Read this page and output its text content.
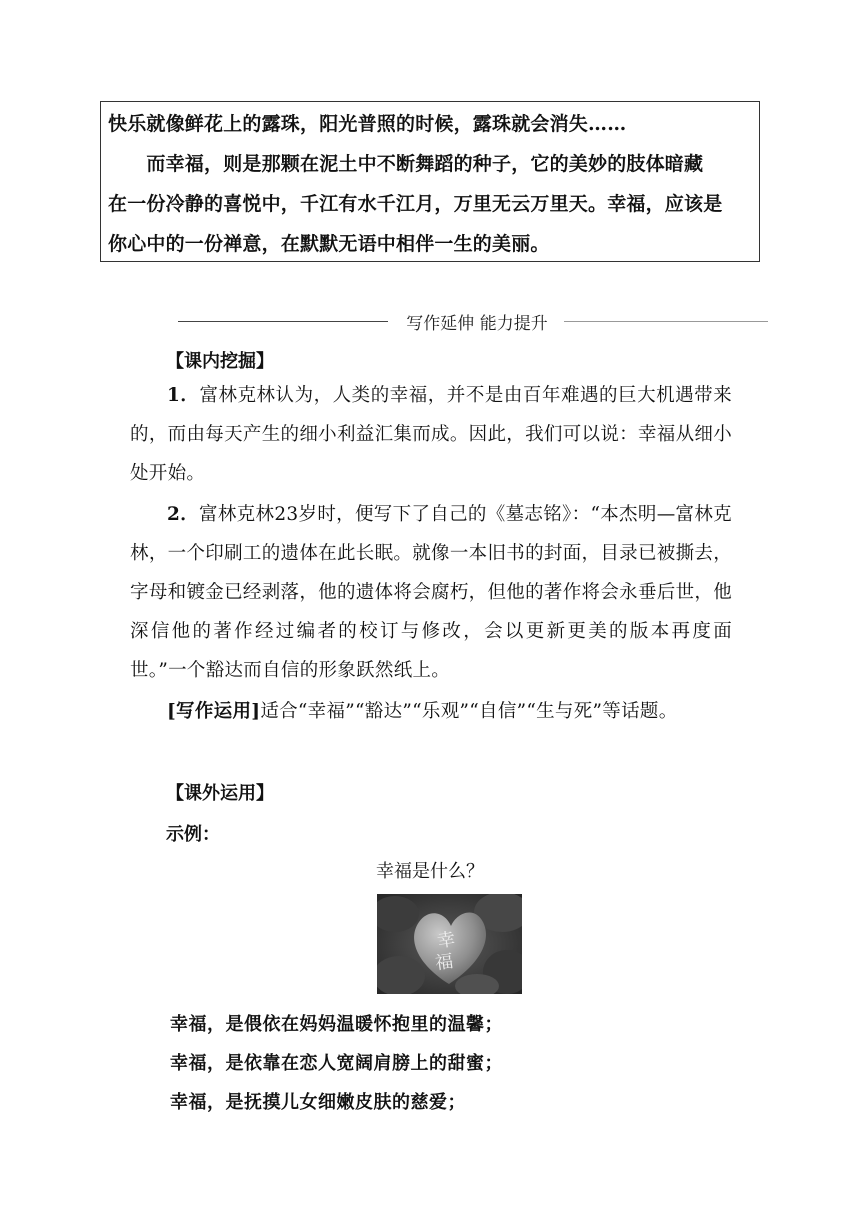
快乐就像鲜花上的露珠，阳光普照的时候，露珠就会消失……
　　而幸福，则是那颗在泥土中不断舞蹈的种子，它的美妙的肢体暗藏
在一份冷静的喜悦中，千江有水千江月，万里无云万里天。幸福，应该是
你心中的一份禅意，在默默无语中相伴一生的美丽。
写作延伸 能力提升
【课内挖掘】
1．富林克林认为，人类的幸福，并不是由百年难遇的巨大机遇带来的，而由每天产生的细小利益汇集而成。因此，我们可以说：幸福从细小处开始。
2．富林克林23岁时，便写下了自己的《墓志铭》：“本杰明—富林克林，一个印刷工的遗体在此长眠。就像一本旧书的封面，目录已被撕去，字母和镀金已经剥落，他的遗体将会腐朽，但他的著作将会永垂后世，他深信他的著作经过编者的校订与修改，会以更新更美的版本再度面世。”一个豁达而自信的形象跃然纸上。
[写作运用]适合“幸福”“豁达”“乐观”“自信”“生与死”等话题。
【课外运用】
示例：
幸福是什么？
幸
福
幸福，是偎依在妈妈温暖怀抱里的温馨；
幸福，是依靠在恋人宽阔肩膀上的甜蜜；
幸福，是抚摸儿女细嫩皮肤的慈爱；
